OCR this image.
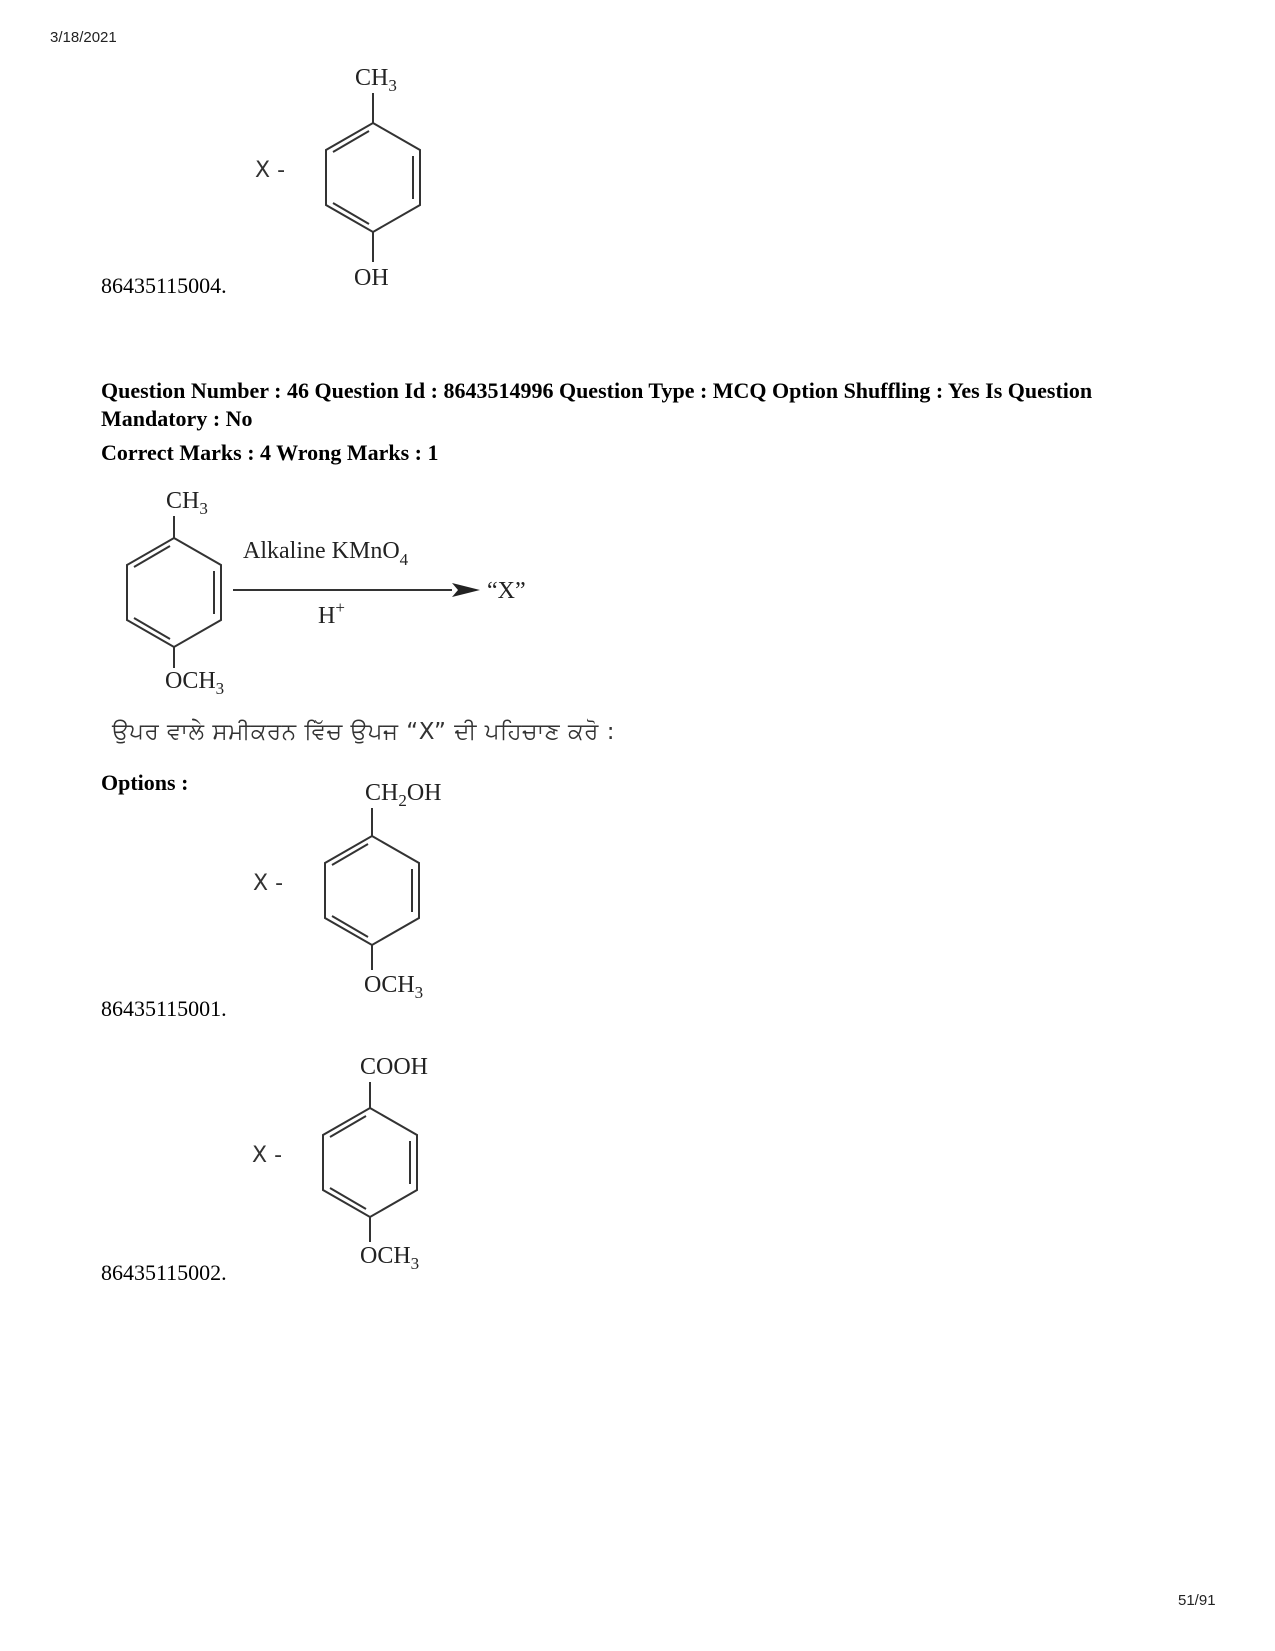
3/18/2021
$CH_3$
OH
X -
86435115004.
Question Number : 46 Question Id : 8643514996 Question Type : MCQ Option Shuffling : Yes Is Question Mandatory : No
Correct Marks : 4 Wrong Marks : 1
$CH_3$
$OCH_3$
Alkaline KMnO$_4$
H+
“X”
ਉਪਰ ਵਾਲੇ ਸਮੀਕਰਨ ਵਿੱਚ ਉਪਜ “X” ਦੀ ਪਹਿਚਾਣ ਕਰੋ :
Options :	$CH_2OH$
$OCH_3$
X -
86435115001.
COOH
$OCH_3$
X -
86435115002.
51/91
